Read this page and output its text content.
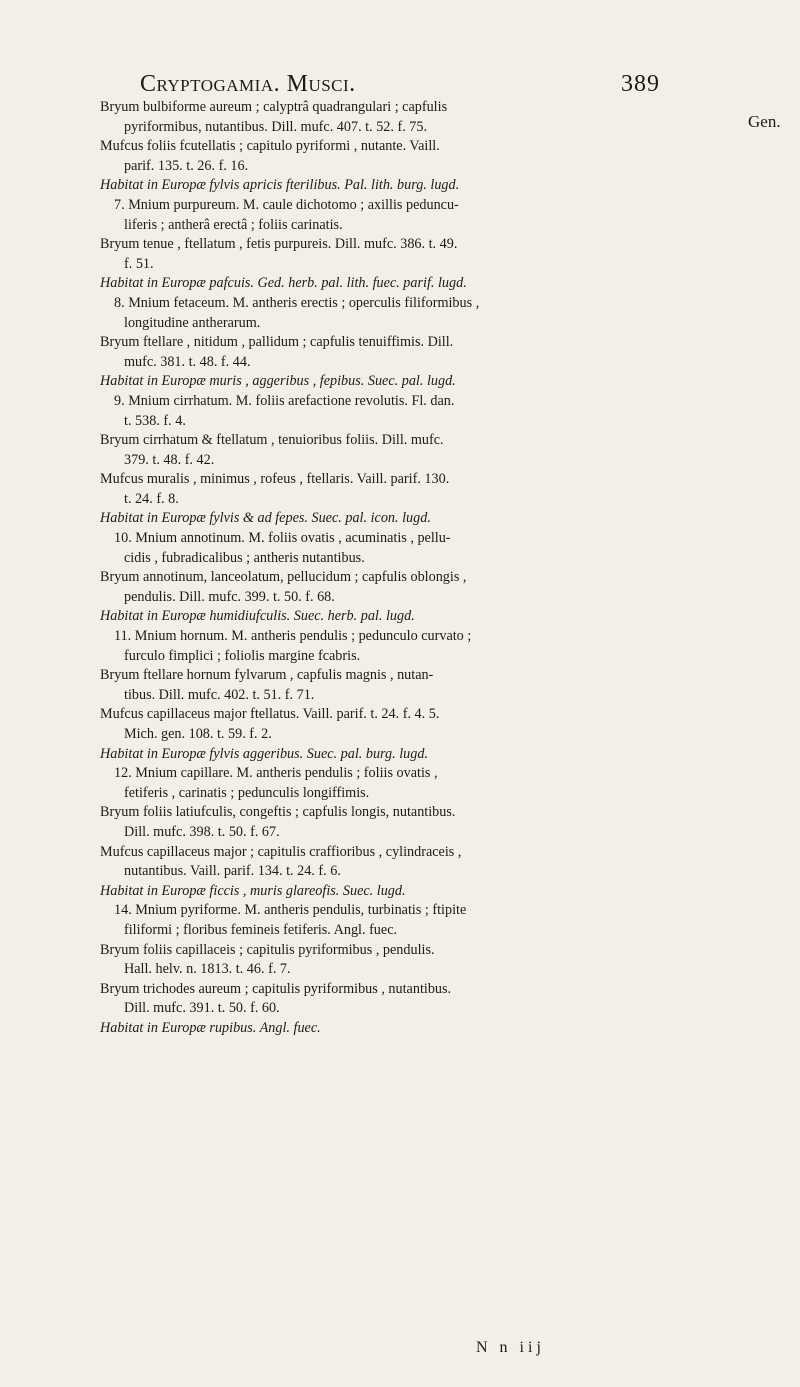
Cryptogamia. Musci.	389
Gen.

Bryum bulbiforme aureum ; calyptrâ quadrangulari ; capfulis

pyriformibus, nutantibus. Dill. mufc. 407. t. 52. f. 75.

Mufcus foliis fcutellatis ; capitulo pyriformi , nutante. Vaill.

parif. 135. t. 26. f. 16.

Habitat in Europæ fylvis apricis fterilibus. Pal. lith. burg. lugd.

7. Mnium purpureum. M. caule dichotomo ; axillis peduncu-

liferis ; antherâ erectâ ; foliis carinatis.

Bryum tenue , ftellatum , fetis purpureis. Dill. mufc. 386. t. 49.

f. 51.

Habitat in Europæ pafcuis. Ged. herb. pal. lith. fuec. parif. lugd.

8. Mnium fetaceum. M. antheris erectis ; operculis filiformibus ,

longitudine antherarum.

Bryum ftellare , nitidum , pallidum ; capfulis tenuiffimis. Dill.

mufc. 381. t. 48. f. 44.

Habitat in Europæ muris , aggeribus , fepibus. Suec. pal. lugd.

9. Mnium cirrhatum. M. foliis arefactione revolutis. Fl. dan.

t. 538. f. 4.

Bryum cirrhatum & ftellatum , tenuioribus foliis. Dill. mufc.

379. t. 48. f. 42.

Mufcus muralis , minimus , rofeus , ftellaris. Vaill. parif. 130.

t. 24. f. 8.

Habitat in Europæ fylvis & ad fepes. Suec. pal. icon. lugd.

10. Mnium annotinum. M. foliis ovatis , acuminatis , pellu-

cidis , fubradicalibus ; antheris nutantibus.

Bryum annotinum, lanceolatum, pellucidum ; capfulis oblongis ,

pendulis. Dill. mufc. 399. t. 50. f. 68.

Habitat in Europæ humidiufculis. Suec. herb. pal. lugd.

11. Mnium hornum. M. antheris pendulis ; pedunculo curvato ;

furculo fimplici ; foliolis margine fcabris.

Bryum ftellare hornum fylvarum , capfulis magnis , nutan-

tibus. Dill. mufc. 402. t. 51. f. 71.

Mufcus capillaceus major ftellatus. Vaill. parif. t. 24. f. 4. 5.

Mich. gen. 108. t. 59. f. 2.

Habitat in Europæ fylvis aggeribus. Suec. pal. burg. lugd.

12. Mnium capillare. M. antheris pendulis ; foliis ovatis ,

fetiferis , carinatis ; pedunculis longiffimis.

Bryum foliis latiufculis, congeftis ; capfulis longis, nutantibus.

Dill. mufc. 398. t. 50. f. 67.

Mufcus capillaceus major ; capitulis craffioribus , cylindraceis ,

nutantibus. Vaill. parif. 134. t. 24. f. 6.

Habitat in Europæ ficcis , muris glareofis. Suec. lugd.

14. Mnium pyriforme. M. antheris pendulis, turbinatis ; ftipite

filiformi ; floribus femineis fetiferis. Angl. fuec.

Bryum foliis capillaceis ; capitulis pyriformibus , pendulis.

Hall. helv. n. 1813. t. 46. f. 7.

Bryum trichodes aureum ; capitulis pyriformibus , nutantibus.

Dill. mufc. 391. t. 50. f. 60.

Habitat in Europæ rupibus. Angl. fuec.

N n iij
